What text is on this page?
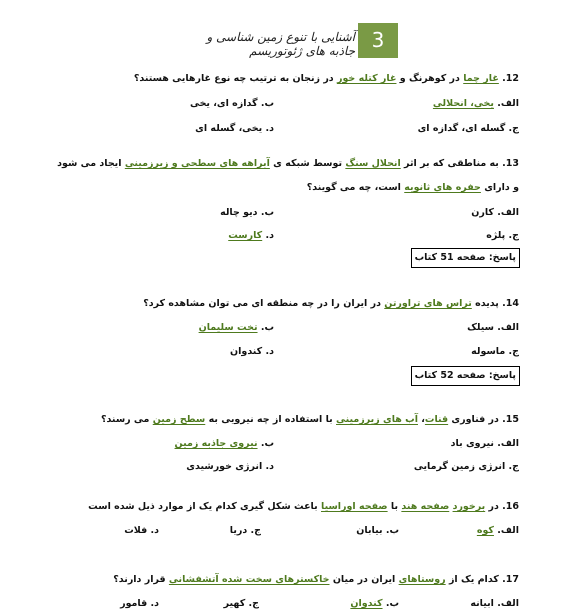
آشنایی با تنوع زمین شناسی و جاذبه های ژئوتوریسم 3
12. غار چما در کوهرنگ و غار کتله خور در زنجان به ترتیب چه نوع غارهایی هستند؟
الف. یخی، انحلالی
ب. گدازه ای، یخی
ج. گسله ای، گدازه ای
د. یخی، گسله ای
13. به مناطقی که بر اثر انحلال سنگ توسط شبکه ی آبراهه های سطحی و زیرزمینی ایجاد می شود و دارای حفره های ثانویه است، چه می گویند؟
الف. کارن
ب. دیو چاله
ج. پلژه
د. کارست
پاسخ: صفحه 51 کتاب
14. پدیده تراس های تراورتن در ایران را در چه منطقه ای می توان مشاهده کرد؟
الف. سیلک
ب. تخت سلیمان
ج. ماسوله
د. کندوان
پاسخ: صفحه 52 کتاب
15. در فناوری قنات، آب های زیرزمینی با استفاده از چه نیرویی به سطح زمین می رسند؟
الف. نیروی باد
ب. نیروی جاذبه زمین
ج. انرژی زمین گرمایی
د. انرژی خورشیدی
16. در برخورد صفحه هند با صفحه اوراسیا باعث شکل گیری کدام یک از موارد ذیل شده است
الف. کوه
ب. بیابان
ج. دریا
د. فلات
17. کدام یک از روستاهای ایران در میان خاکسترهای سخت شده آتشفشانی قرار دارند؟
الف. ابیانه
ب. کندوان
ج. کهیر
د. قامور
